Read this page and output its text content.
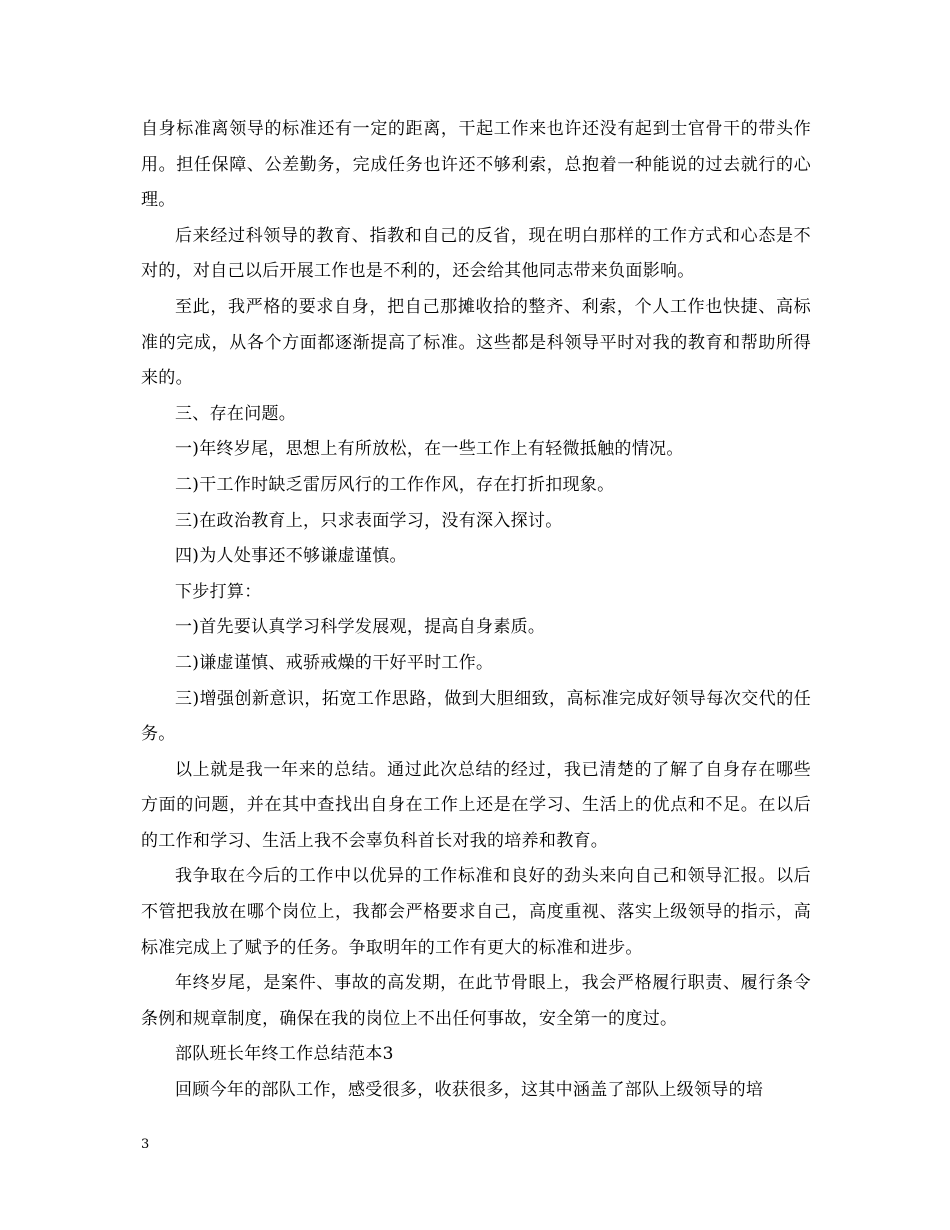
自身标准离领导的标准还有一定的距离，干起工作来也许还没有起到士官骨干的带头作用。担任保障、公差勤务，完成任务也许还不够利索，总抱着一种能说的过去就行的心理。

后来经过科领导的教育、指教和自己的反省，现在明白那样的工作方式和心态是不对的，对自己以后开展工作也是不利的，还会给其他同志带来负面影响。

至此，我严格的要求自身，把自己那摊收拾的整齐、利索，个人工作也快捷、高标准的完成，从各个方面都逐渐提高了标准。这些都是科领导平时对我的教育和帮助所得来的。

三、存在问题。

一)年终岁尾，思想上有所放松，在一些工作上有轻微抵触的情况。

二)干工作时缺乏雷厉风行的工作作风，存在打折扣现象。

三)在政治教育上，只求表面学习，没有深入探讨。

四)为人处事还不够谦虚谨慎。

下步打算：

一)首先要认真学习科学发展观，提高自身素质。

二)谦虚谨慎、戒骄戒燥的干好平时工作。

三)增强创新意识，拓宽工作思路，做到大胆细致，高标准完成好领导每次交代的任务。

以上就是我一年来的总结。通过此次总结的经过，我已清楚的了解了自身存在哪些方面的问题，并在其中查找出自身在工作上还是在学习、生活上的优点和不足。在以后的工作和学习、生活上我不会辜负科首长对我的培养和教育。

我争取在今后的工作中以优异的工作标准和良好的劲头来向自己和领导汇报。以后不管把我放在哪个岗位上，我都会严格要求自己，高度重视、落实上级领导的指示，高标准完成上了赋予的任务。争取明年的工作有更大的标准和进步。

年终岁尾，是案件、事故的高发期，在此节骨眼上，我会严格履行职责、履行条令条例和规章制度，确保在我的岗位上不出任何事故，安全第一的度过。

部队班长年终工作总结范本3

回顾今年的部队工作，感受很多，收获很多，这其中涵盖了部队上级领导的培

3
